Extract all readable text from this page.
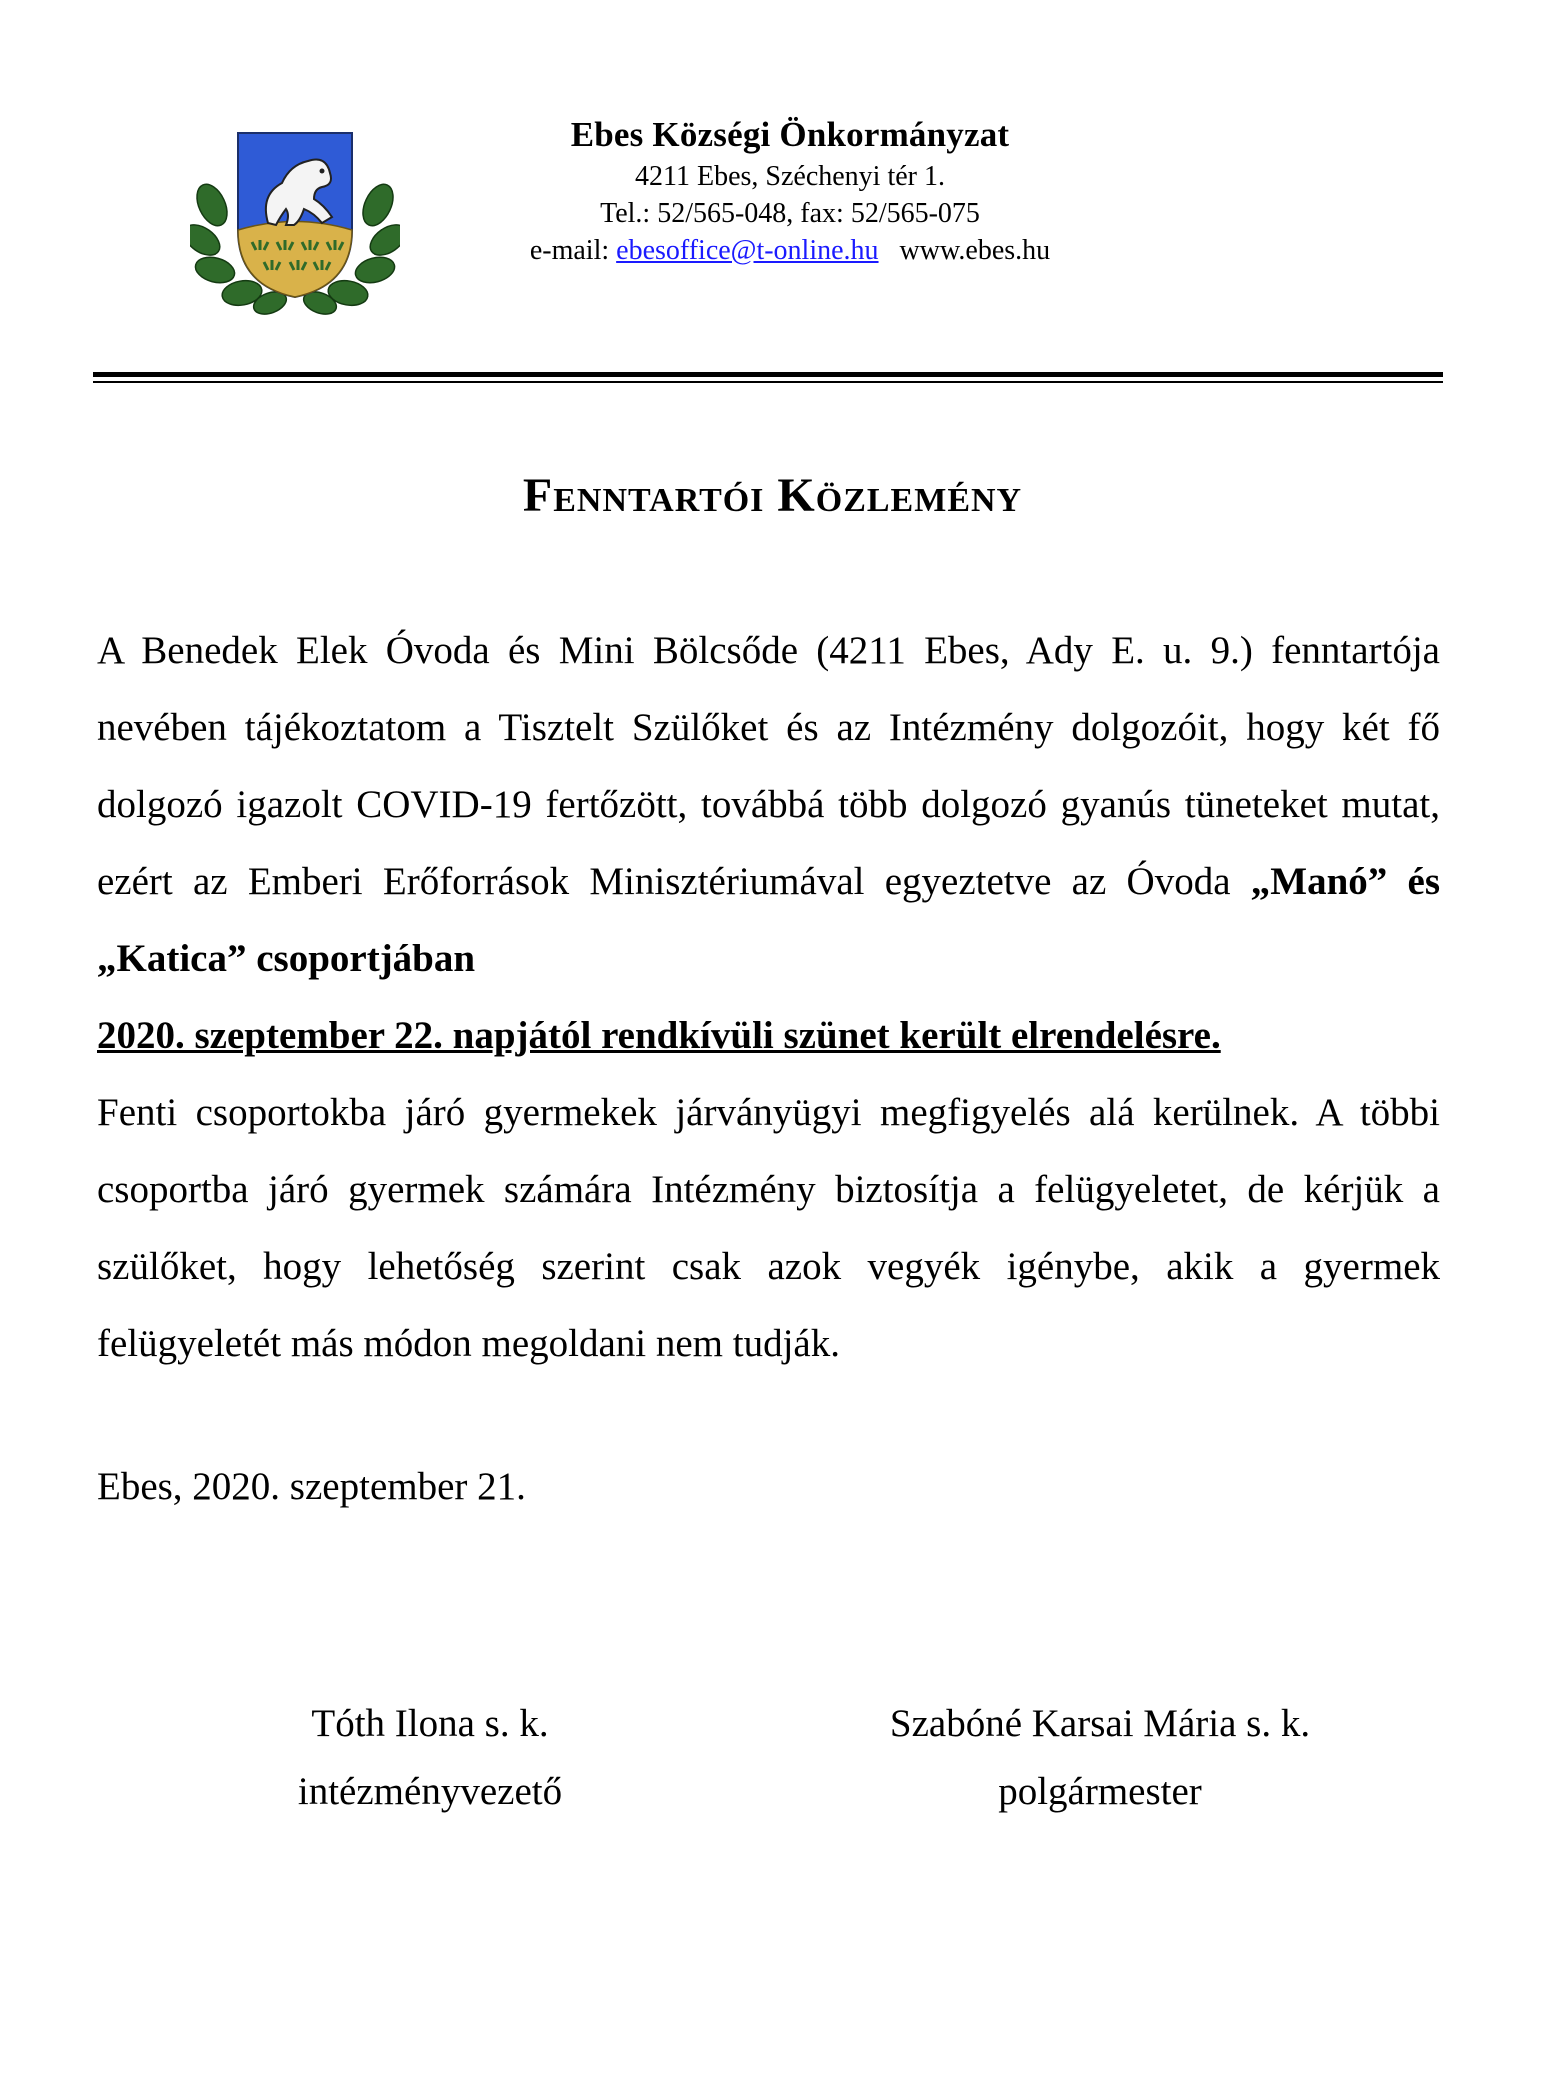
Ebes Községi Önkormányzat
4211 Ebes, Széchenyi tér 1.
Tel.: 52/565-048, fax: 52/565-075
e-mail: ebesoffice@t-online.hu www.ebes.hu
Fenntartói Közlemény
A Benedek Elek Óvoda és Mini Bölcsőde (4211 Ebes, Ady E. u. 9.) fenntartója nevében tájékoztatom a Tisztelt Szülőket és az Intézmény dolgozóit, hogy két fő dolgozó igazolt COVID-19 fertőzött, továbbá több dolgozó gyanús tüneteket mutat, ezért az Emberi Erőforrások Minisztériumával egyeztetve az Óvoda „Manó” és „Katica” csoportjában
2020. szeptember 22. napjától rendkívüli szünet került elrendelésre.
Fenti csoportokba járó gyermekek járványügyi megfigyelés alá kerülnek. A többi csoportba járó gyermek számára Intézmény biztosítja a felügyeletet, de kérjük a szülőket, hogy lehetőség szerint csak azok vegyék igénybe, akik a gyermek felügyeletét más módon megoldani nem tudják.
Ebes, 2020. szeptember 21.
Tóth Ilona s. k.
intézményvezető
Szabóné Karsai Mária s. k.
polgármester
